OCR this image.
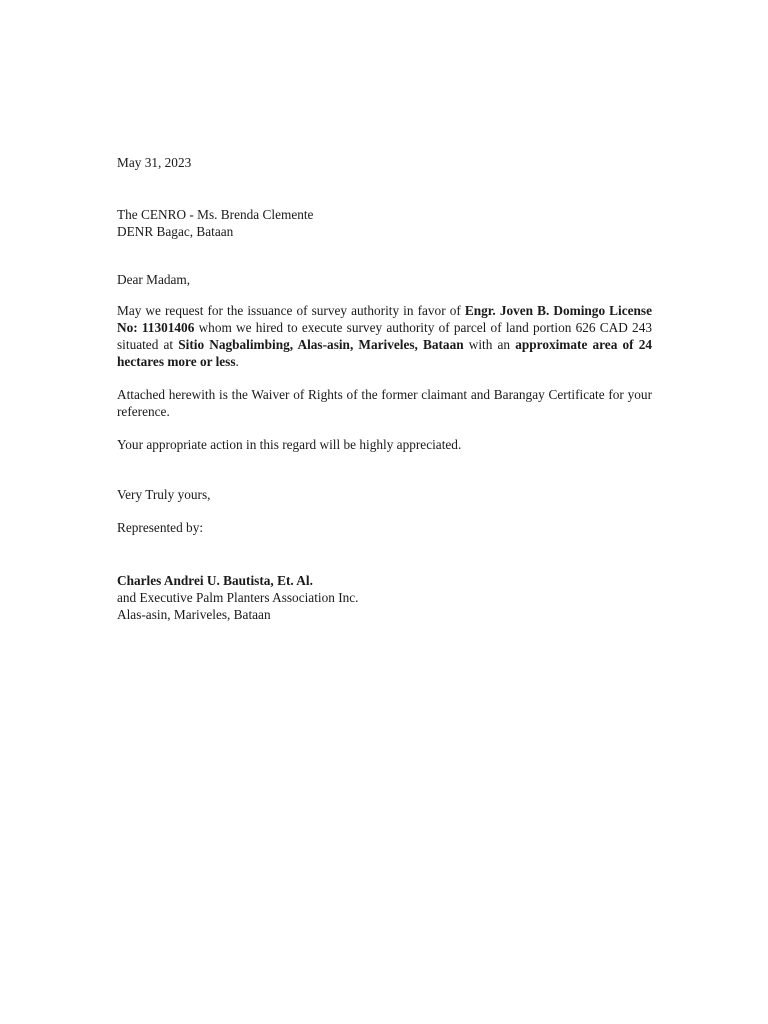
May 31, 2023
The CENRO - Ms. Brenda Clemente
DENR Bagac, Bataan
Dear Madam,

May we request for the issuance of survey authority in favor of Engr. Joven B. Domingo License No: 11301406 whom we hired to execute survey authority of parcel of land portion 626 CAD 243 situated at Sitio Nagbalimbing, Alas-asin, Mariveles, Bataan with an approximate area of 24 hectares more or less.

Attached herewith is the Waiver of Rights of the former claimant and Barangay Certificate for your reference.

Your appropriate action in this regard will be highly appreciated.

Very Truly yours,
Represented by:
Charles Andrei U. Bautista, Et. Al.
and Executive Palm Planters Association Inc.
Alas-asin, Mariveles, Bataan
